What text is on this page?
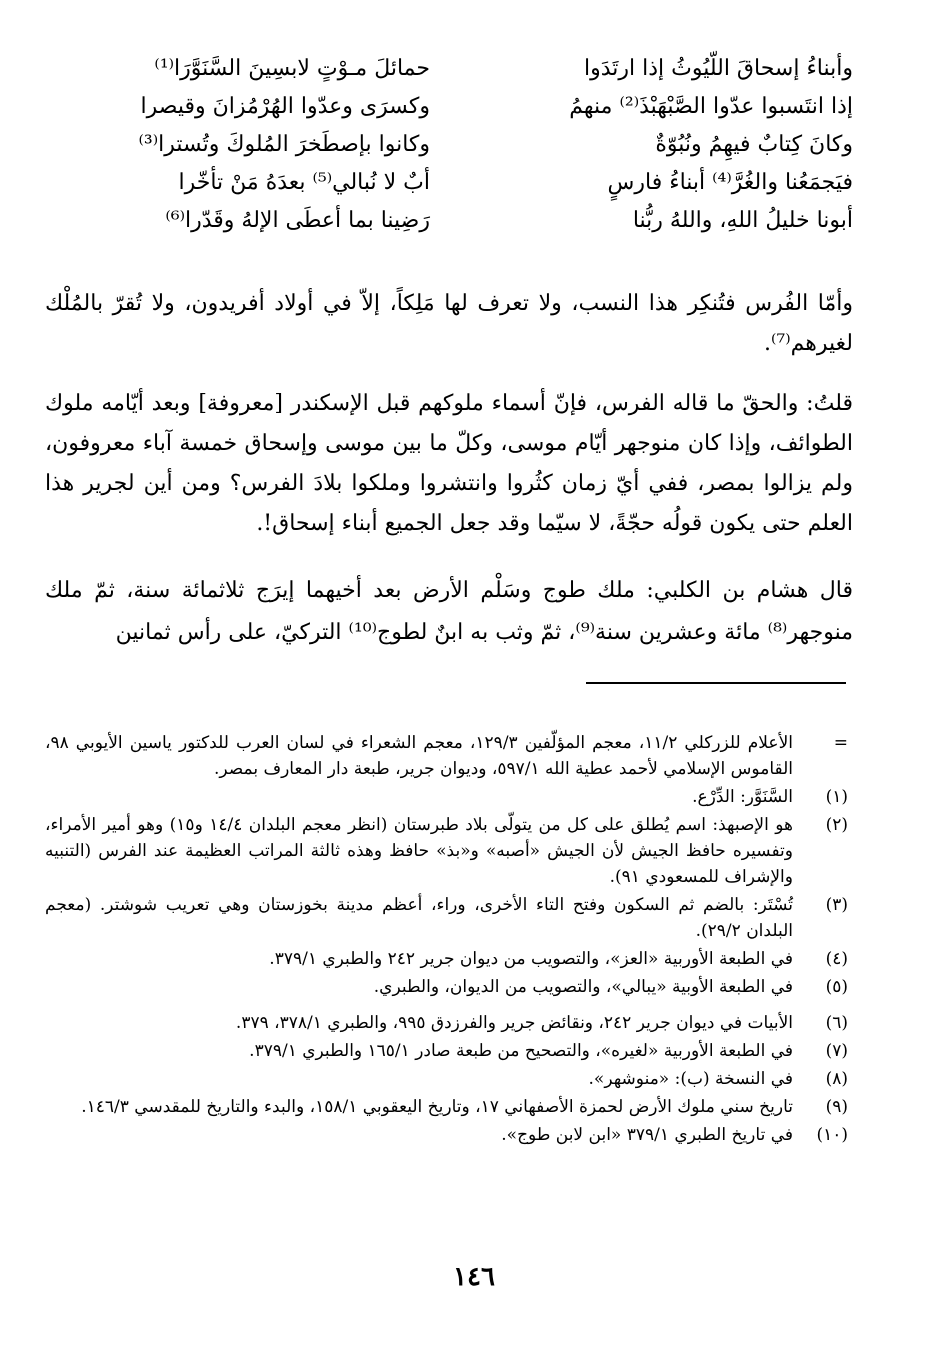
وأبناءُ إسحاقَ اللّيُوثُ إذا ارتَدَوا
حمائلَ مـوْتٍ لابسِينَ السَّنَوَّرَا⁽¹⁾
إذا انتَسبوا عدّوا الصَّبْهَبْذَ⁽²⁾ منهمُ
وكسرَى وعدّوا الهُرْمُزانَ وقيصرا
وكانَ كِتابٌ فيهِمُ ونُبُوّةٌ
وكانوا بإصطَخرَ المُلوكَ وتُسترا⁽³⁾
فيَجمَعُنا والغُرَّ⁽⁴⁾ أبناءُ فارسٍ
أبٌ لا نُبالي⁽⁵⁾ بعدَهُ مَنْ تأخّرا
أبونا خليلُ اللهِ، واللهُ ربُّنا
رَضِينا بما أعطَى الإلهُ وقَدّرا⁽⁶⁾

وأمّا الفُرس فتُنكِر هذا النسب، ولا تعرف لها مَلِكاً، إلاّ في أولاد أفريدون، ولا تُقرّ بالمُلْك لغيرهم⁽⁷⁾.

قلتُ: والحقّ ما قاله الفرس، فإنّ أسماء ملوكهم قبل الإسكندر [معروفة] وبعد أيّامه ملوك الطوائف، وإذا كان منوجهر أيّام موسى، وكلّ ما بين موسى وإسحاق خمسة آباء معروفون، ولم يزالوا بمصر، ففي أيّ زمان كثُروا وانتشروا وملكوا بلادَ الفرس؟ ومن أين لجرير هذا العلم حتى يكون قولُه حجّةً، لا سيّما وقد جعل الجميع أبناء إسحاق!.

قال هشام بن الكلبي: ملك طوج وسَلْم الأرض بعد أخيهما إيرَج ثلاثمائة سنة، ثمّ ملك منوجهر⁽⁸⁾ مائة وعشرين سنة⁽⁹⁾، ثمّ وثب به ابنٌ لطوج⁽¹⁰⁾ التركيّ، على رأس ثمانين

=
الأعلام للزركلي ١١/٢، معجم المؤلّفين ١٢٩/٣، معجم الشعراء في لسان العرب للدكتور ياسين الأيوبي ٩٨، القاموس الإسلامي لأحمد عطية الله ٥٩٧/١، وديوان جرير، طبعة دار المعارف بمصر.
(١)
السَّنَوَّر: الدِّرْع.
(٢)
هو الإصبهذ: اسم يُطلق على كل من يتولّى بلاد طبرستان (انظر معجم البلدان ١٤/٤ و١٥) وهو أمير الأمراء، وتفسيره حافظ الجيش لأن الجيش «أصبه» و«بذ» حافظ وهذه ثالثة المراتب العظيمة عند الفرس (التنبيه والإشراف للمسعودي ٩١).
(٣)
تُسْتَر: بالضم ثم السكون وفتح التاء الأخرى، وراء، أعظم مدينة بخوزستان وهي تعريب شوشتر. (معجم البلدان ٢٩/٢).
(٤)
في الطبعة الأوربية «العز»، والتصويب من ديوان جرير ٢٤٢ والطبري ٣٧٩/١.
(٥)
في الطبعة الأوبية «يبالي»، والتصويب من الديوان، والطبري.
(٦)
الأبيات في ديوان جرير ٢٤٢، ونقائض جرير والفرزدق ٩٩٥، والطبري ٣٧٨/١، ٣٧٩.
(٧)
في الطبعة الأوربية «لغيره»، والتصحيح من طبعة صادر ١٦٥/١ والطبري ٣٧٩/١.
(٨)
في النسخة (ب): «منوشهر».
(٩)
تاريخ سني ملوك الأرض لحمزة الأصفهاني ١٧، وتاريخ اليعقوبي ١٥٨/١، والبدء والتاريخ للمقدسي ١٤٦/٣.
(١٠)
في تاريخ الطبري ٣٧٩/١ «ابن لابن طوج».
١٤٦
